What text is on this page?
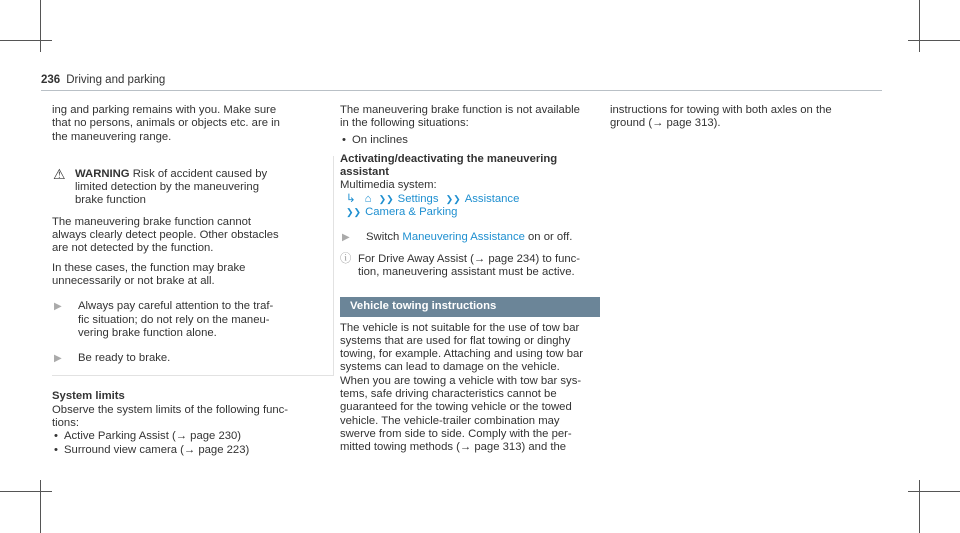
236 Driving and parking

ing and parking remains with you. Make sure
that no persons, animals or objects etc. are in
the maneuvering range.

⚠ WARNING Risk of accident caused by
limited detection by the maneuvering
brake function

The maneuvering brake function cannot
always clearly detect people. Other obstacles
are not detected by the function.

In these cases, the function may brake
unnecessarily or not brake at all.

▶	Always pay careful attention to the traf-
fic situation; do not rely on the maneu-
vering brake function alone.
▶	Be ready to brake.
System limits

Observe the system limits of the following func-
tions:

• Active Parking Assist (→ page 230)
• Surround view camera (→ page 223)

The maneuvering brake function is not available
in the following situations:

• On inclines
Activating/deactivating the maneuvering assistant
Multimedia system:
↳ ⌂ ❯❯ Settings ❯❯ Assistance
❯❯ Camera & Parking
▶	Switch Maneuvering Assistance on or off.
ⓘ For Drive Away Assist (→ page 234) to func-
tion, maneuvering assistant must be active.
Vehicle towing instructions

The vehicle is not suitable for the use of tow bar
systems that are used for flat towing or dinghy
towing, for example. Attaching and using tow bar
systems can lead to damage on the vehicle.
When you are towing a vehicle with tow bar sys-
tems, safe driving characteristics cannot be
guaranteed for the towing vehicle or the towed
vehicle. The vehicle-trailer combination may
swerve from side to side. Comply with the per-
mitted towing methods (→ page 313) and the

instructions for towing with both axles on the
ground (→ page 313).
